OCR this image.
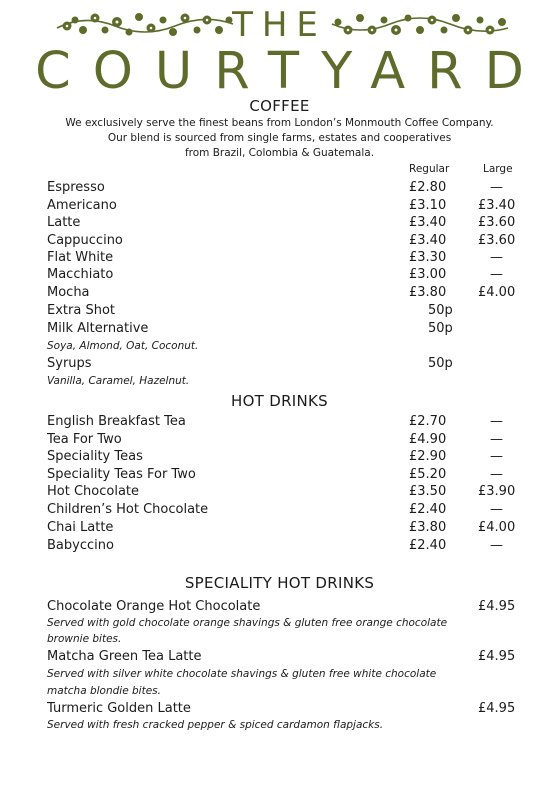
THE
COURTYARD
COFFEE
We exclusively serve the finest beans from London’s Monmouth Coffee Company.
Our blend is sourced from single farms, estates and cooperatives
from Brazil, Colombia & Guatemala.
Regular	Large
Espresso	£2.80	—
Americano	£3.10 £3.40
Latte	£3.40 £3.60
Cappuccino	£3.40 £3.60
Flat White	£3.30	—
Macchiato	£3.00	—
Mocha	£3.80 £4.00
Extra Shot	50p
Milk Alternative	50p
Soya, Almond, Oat, Coconut.
Syrups	50p
Vanilla, Caramel, Hazelnut.
HOT DRINKS
English Breakfast Tea	£2.70	—
Tea For Two	£4.90	—
Speciality Teas	£2.90	—
Speciality Teas For Two	£5.20	—
Hot Chocolate	£3.50 £3.90
Children’s Hot Chocolate	£2.40	—
Chai Latte	£3.80 £4.00
Babyccino	£2.40	—
SPECIALITY HOT DRINKS
Chocolate Orange Hot Chocolate	£4.95
Served with gold chocolate orange shavings & gluten free orange chocolate
brownie bites.
Matcha Green Tea Latte	£4.95
Served with silver white chocolate shavings & gluten free white chocolate
matcha blondie bites.
Turmeric Golden Latte	£4.95
Served with fresh cracked pepper & spiced cardamon flapjacks.
